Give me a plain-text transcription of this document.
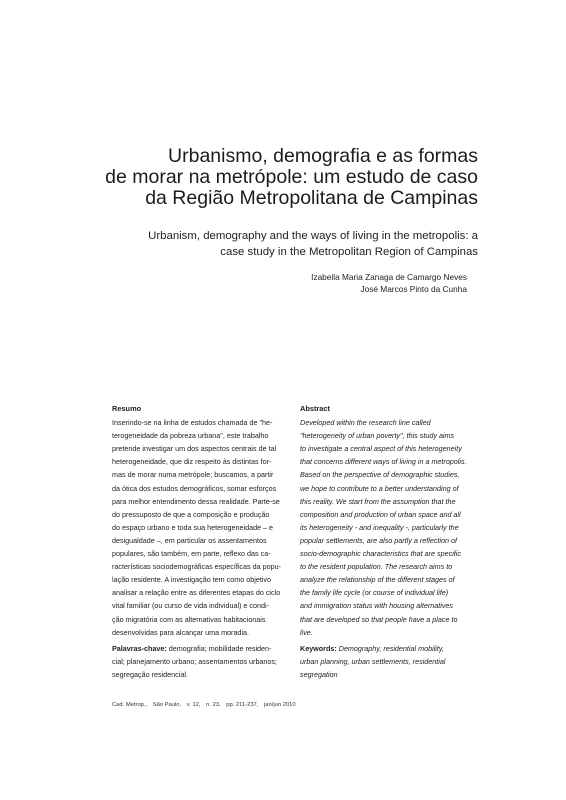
Urbanismo, demografia e as formas
de morar na metrópole: um estudo de caso
da Região Metropolitana de Campinas
Urbanism, demography and the ways of living in the metropolis: a
case study in the Metropolitan Region of Campinas
Izabella Maria Zanaga de Camargo Neves
José Marcos Pinto da Cunha
Resumo
Inserindo-se na linha de estudos chamada de "he-
terogeneidade da pobreza urbana", este trabalho
pretende investigar um dos aspectos centrais de tal
heterogeneidade, que diz respeito às distintas for-
mas de morar numa metrópole; buscamos, a partir
da ótica dos estudos demográficos, somar esforços
para melhor entendimento dessa realidade. Parte-se
do pressuposto de que a composição e produção
do espaço urbano e toda sua heterogeneidade – e
desigualdade –, em particular os assentamentos
populares, são também, em parte, reflexo das ca-
racterísticas sociodemográficas específicas da popu-
lação residente. A investigação tem como objetivo
analisar a relação entre as diferentes etapas do ciclo
vital familiar (ou curso de vida individual) e condi-
ção migratória com as alternativas habitacionais
desenvolvidas para alcançar uma moradia.
Palavras-chave: demografia; mobilidade residen-
cial; planejamento urbano; assentamentos urbanos;
segregação residencial.
Abstract
Developed within the research line called
"heterogeneity of urban poverty", this study aims
to investigate a central aspect of this heterogeneity
that concerns different ways of living in a metropolis.
Based on the perspective of demographic studies,
we hope to contribute to a better understanding of
this reality. We start from the assumption that the
composition and production of urban space and all
its heterogeneity - and inequality -, particularly the
popular settlements, are also partly a reflection of
socio-demographic characteristics that are specific
to the resident population. The research aims to
analyze the relationship of the different stages of
the family life cycle (or course of individual life)
and immigration status with housing alternatives
that are developed so that people have a place to
live.
Keywords: Demography, residential mobility,
urban planning, urban settlements, residential
segregation
Cad. Metrop., São Paulo, v. 12, n. 23, pp. 211-237, jan/jun 2010
